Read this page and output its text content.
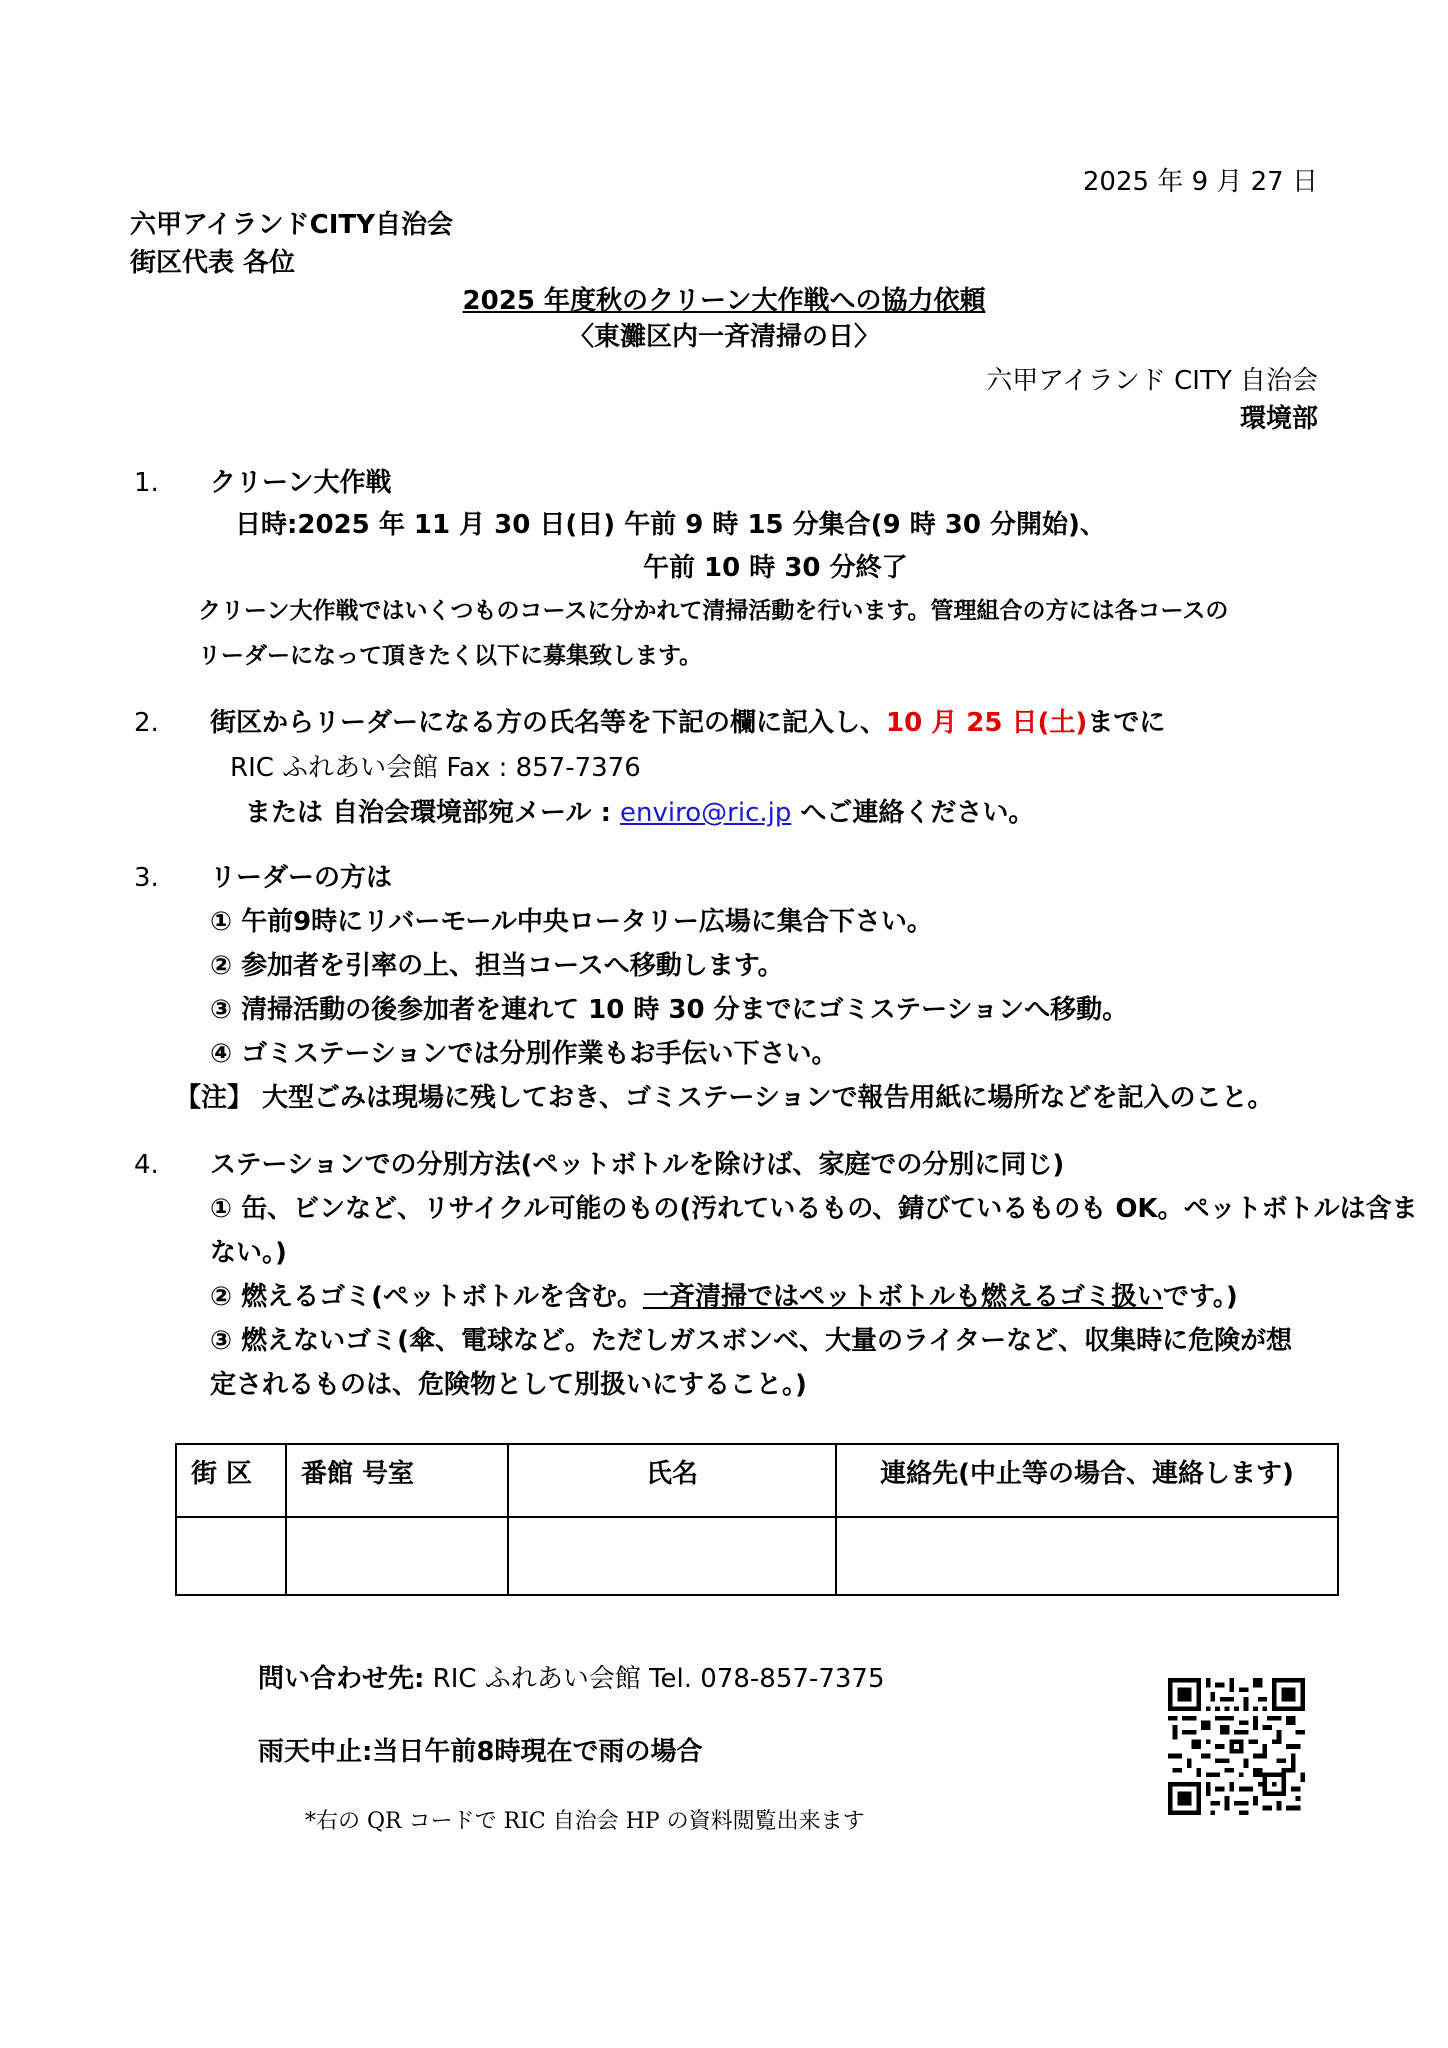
2025 年 9 月 27 日
六甲アイランドCITY自治会
街区代表 各位
2025 年度秋のクリーン大作戦への協力依頼
〈東灘区内一斉清掃の日〉
六甲アイランド CITY 自治会
環境部
1. クリーン大作戦
日時:2025 年 11 月 30 日(日) 午前 9 時 15 分集合(9 時 30 分開始)、
午前 10 時 30 分終了
クリーン大作戦ではいくつものコースに分かれて清掃活動を行います。管理組合の方には各コースの
リーダーになって頂きたく以下に募集致します。
2. 街区からリーダーになる方の氏名等を下記の欄に記入し、10 月 25 日(土)までに
RIC ふれあい会館 Fax : 857-7376
または 自治会環境部宛メール : enviro@ric.jp へご連絡ください。
3. リーダーの方は
① 午前9時にリバーモール中央ロータリー広場に集合下さい。
② 参加者を引率の上、担当コースへ移動します。
③ 清掃活動の後参加者を連れて 10 時 30 分までにゴミステーションへ移動。
④ ゴミステーションでは分別作業もお手伝い下さい。
【注】 大型ごみは現場に残しておき、ゴミステーションで報告用紙に場所などを記入のこと。
4. ステーションでの分別方法(ペットボトルを除けば、家庭での分別に同じ)
① 缶、ビンなど、リサイクル可能のもの(汚れているもの、錆びているものも OK。ペットボトルは含ま
ない。)
② 燃えるゴミ(ペットボトルを含む。一斉清掃ではペットボトルも燃えるゴミ扱いです。)
③ 燃えないゴミ(傘、電球など。ただしガスボンベ、大量のライターなど、収集時に危険が想
定されるものは、危険物として別扱いにすること。)
街 区	番館 号室	氏名	連絡先(中止等の場合、連絡します)

問い合わせ先: RIC ふれあい会館 Tel. 078-857-7375
雨天中止:当日午前8時現在で雨の場合
*右の QR コードで RIC 自治会 HP の資料閲覧出来ます
